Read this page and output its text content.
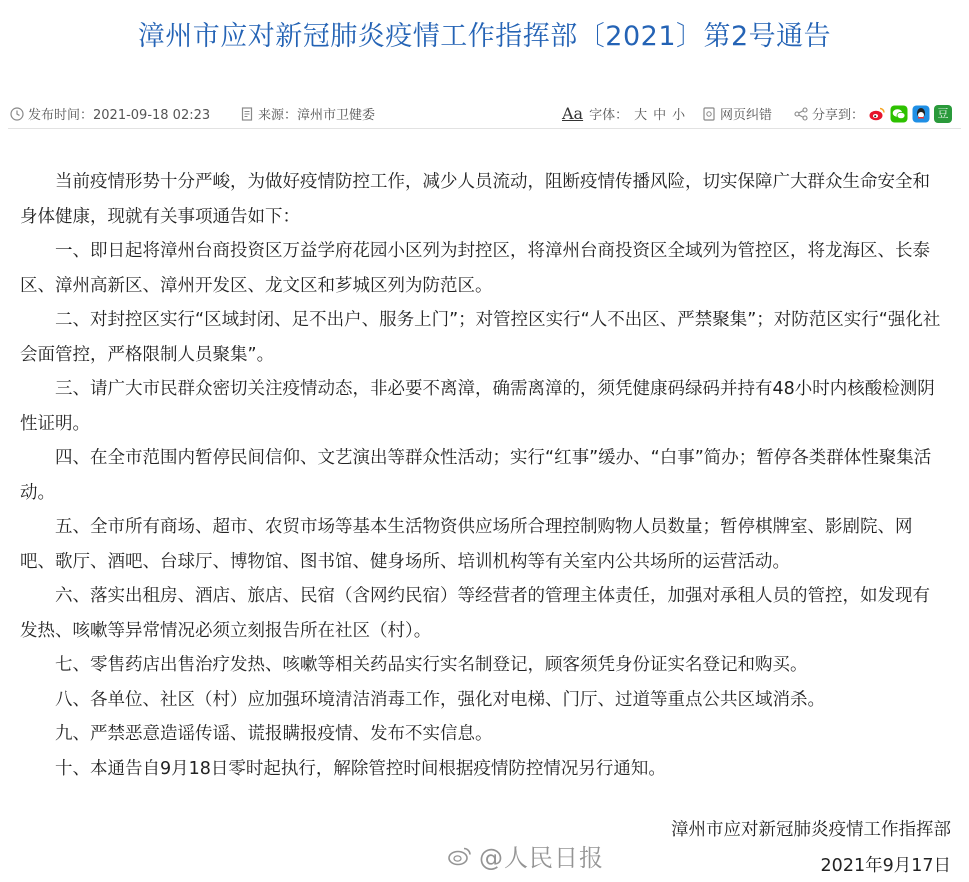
漳州市应对新冠肺炎疫情工作指挥部〔2021〕第2号通告
发布时间：2021-09-18 02:23	来源：漳州市卫健委	Aa 字体： 大 中 小	网页纠错	分享到：	豆

当前疫情形势十分严峻，为做好疫情防控工作，减少人员流动，阻断疫情传播风险，切实保障广大群众生命安全和身体健康，现就有关事项通告如下：

一、即日起将漳州台商投资区万益学府花园小区列为封控区，将漳州台商投资区全域列为管控区，将龙海区、长泰区、漳州高新区、漳州开发区、龙文区和芗城区列为防范区。

二、对封控区实行“区域封闭、足不出户、服务上门”；对管控区实行“人不出区、严禁聚集”；对防范区实行“强化社会面管控，严格限制人员聚集”。

三、请广大市民群众密切关注疫情动态，非必要不离漳，确需离漳的，须凭健康码绿码并持有48小时内核酸检测阴性证明。

四、在全市范围内暂停民间信仰、文艺演出等群众性活动；实行“红事”缓办、“白事”简办；暂停各类群体性聚集活动。

五、全市所有商场、超市、农贸市场等基本生活物资供应场所合理控制购物人员数量；暂停棋牌室、影剧院、网吧、歌厅、酒吧、台球厅、博物馆、图书馆、健身场所、培训机构等有关室内公共场所的运营活动。

六、落实出租房、酒店、旅店、民宿（含网约民宿）等经营者的管理主体责任，加强对承租人员的管控，如发现有发热、咳嗽等异常情况必须立刻报告所在社区（村）。

七、零售药店出售治疗发热、咳嗽等相关药品实行实名制登记，顾客须凭身份证实名登记和购买。

八、各单位、社区（村）应加强环境清洁消毒工作，强化对电梯、门厅、过道等重点公共区域消杀。

九、严禁恶意造谣传谣、谎报瞒报疫情、发布不实信息。

十、本通告自9月18日零时起执行，解除管控时间根据疫情防控情况另行通知。

漳州市应对新冠肺炎疫情工作指挥部
2021年9月17日
@人民日报
